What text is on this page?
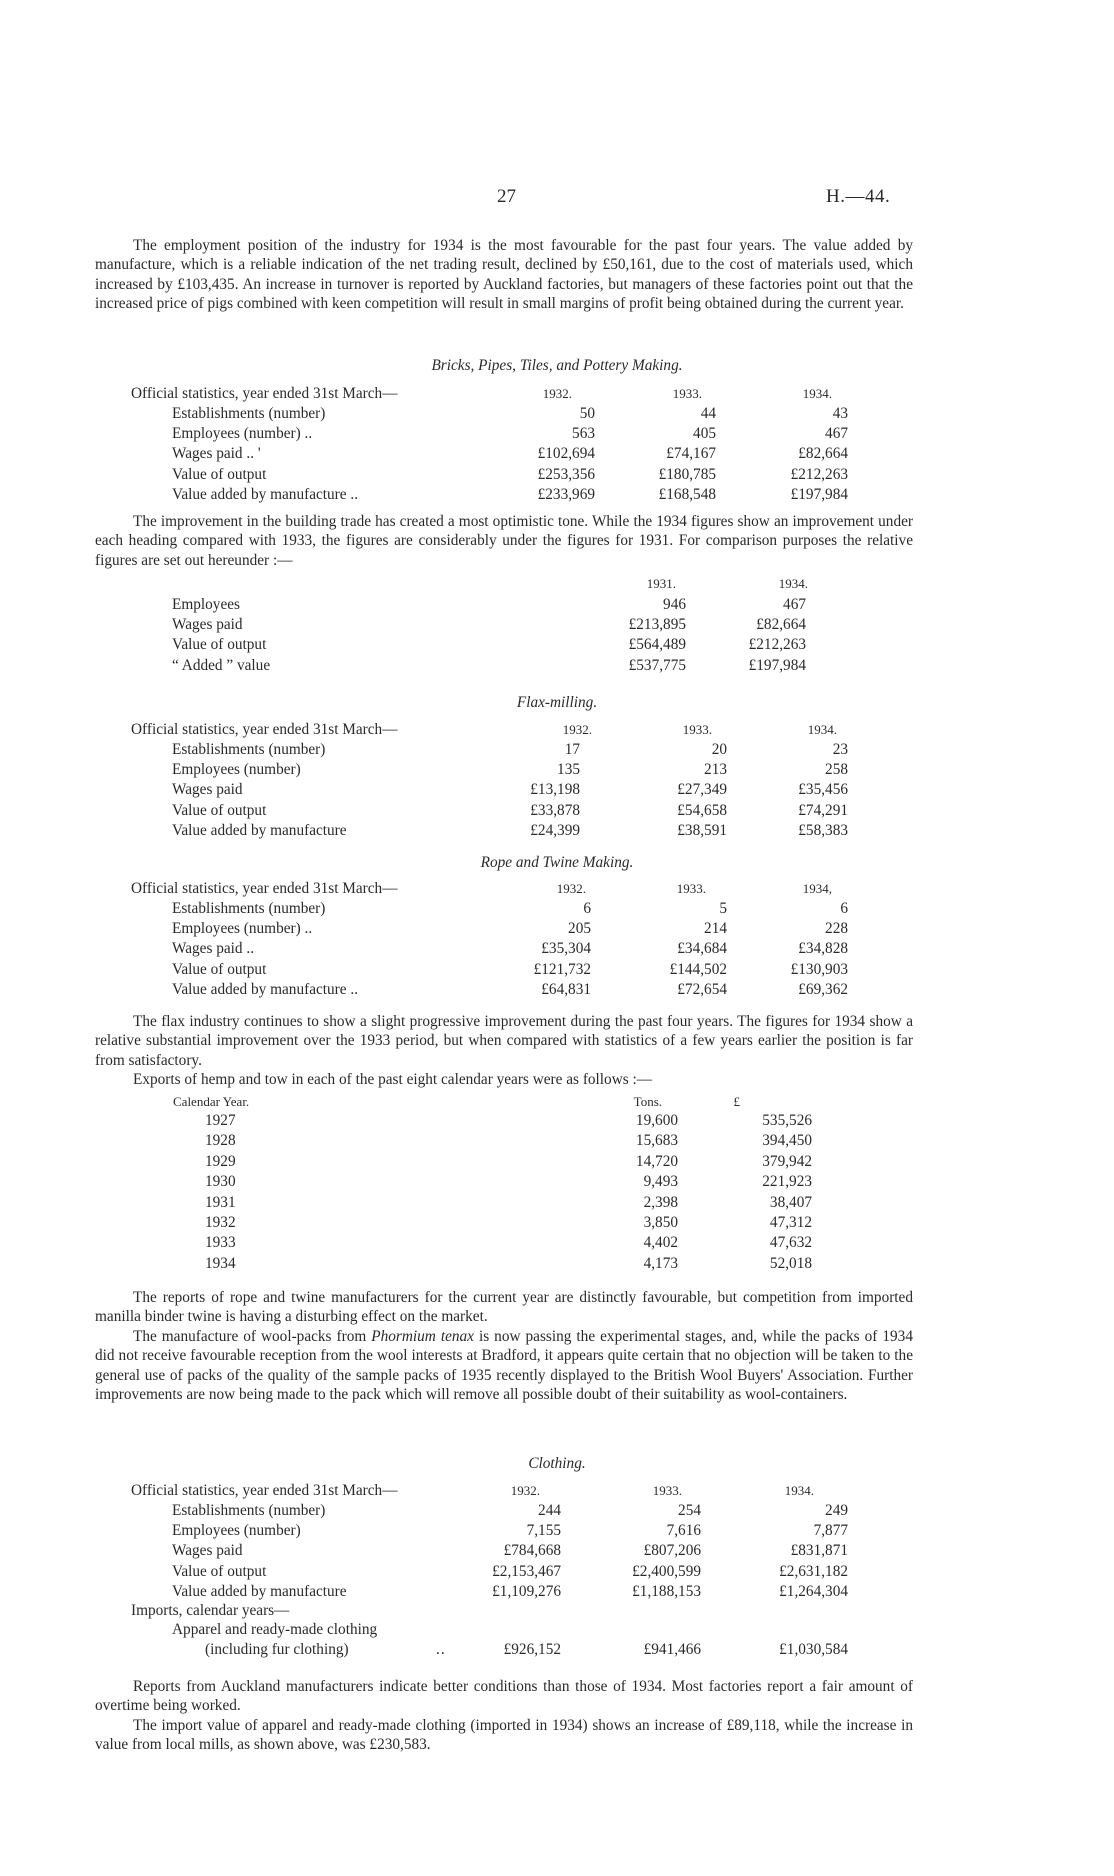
27	H.—44.

The employment position of the industry for 1934 is the most favourable for the past four years. The value added by manufacture, which is a reliable indication of the net trading result, declined by £50,161, due to the cost of materials used, which increased by £103,435. An increase in turnover is reported by Auckland factories, but managers of these factories point out that the increased price of pigs combined with keen competition will result in small margins of profit being obtained during the current year.

Bricks, Pipes, Tiles, and Pottery Making.
Official statistics, year ended 31st March—	1932.	1933.	1934.
Establishments (number)	50	44	43
Employees (number) ..	563	405	467
Wages paid .. '	£102,694	£74,167	£82,664
Value of output	£253,356	£180,785	£212,263
Value added by manufacture ..	£233,969	£168,548	£197,984

The improvement in the building trade has created a most optimistic tone. While the 1934 figures show an improvement under each heading compared with 1933, the figures are considerably under the figures for 1931. For comparison purposes the relative figures are set out hereunder :—

1931.	1934.
Employees	946	467
Wages paid	£213,895	£82,664
Value of output	£564,489	£212,263
“ Added ” value	£537,775	£197,984
Flax-milling.
Official statistics, year ended 31st March—	1932.	1933.	1934.
Establishments (number)	17	20	23
Employees (number)	135	213	258
Wages paid	£13,198	£27,349	£35,456
Value of output	£33,878	£54,658	£74,291
Value added by manufacture	£24,399	£38,591	£58,383
Rope and Twine Making.
Official statistics, year ended 31st March—	1932.	1933.	1934,
Establishments (number)	6	5	6
Employees (number) ..	205	214	228
Wages paid ..	£35,304	£34,684	£34,828
Value of output	£121,732	£144,502	£130,903
Value added by manufacture ..	£64,831	£72,654	£69,362

The flax industry continues to show a slight progressive improvement during the past four years. The figures for 1934 show a relative substantial improvement over the 1933 period, but when compared with statistics of a few years earlier the position is far from satisfactory.

Exports of hemp and tow in each of the past eight calendar years were as follows :—

Calendar Year.	Tons.	£
1927	19,600	535,526
1928	15,683	394,450
1929	14,720	379,942
1930	9,493	221,923
1931	2,398	38,407
1932	3,850	47,312
1933	4,402	47,632
1934	4,173	52,018

The reports of rope and twine manufacturers for the current year are distinctly favourable, but competition from imported manilla binder twine is having a disturbing effect on the market.

The manufacture of wool-packs from Phormium tenax is now passing the experimental stages, and, while the packs of 1934 did not receive favourable reception from the wool interests at Bradford, it appears quite certain that no objection will be taken to the general use of packs of the quality of the sample packs of 1935 recently displayed to the British Wool Buyers' Association. Further improvements are now being made to the pack which will remove all possible doubt of their suitability as wool-containers.

Clothing.
Official statistics, year ended 31st March—	1932.	1933.	1934.
Establishments (number)	244	254	249
Employees (number)	7,155	7,616	7,877
Wages paid	£784,668	£807,206	£831,871
Value of output	£2,153,467	£2,400,599	£2,631,182
Value added by manufacture	£1,109,276	£1,188,153	£1,264,304
Imports, calendar years—
Apparel and ready-made clothing
(including fur clothing)	..	£926,152	£941,466	£1,030,584

Reports from Auckland manufacturers indicate better conditions than those of 1934. Most factories report a fair amount of overtime being worked.

The import value of apparel and ready-made clothing (imported in 1934) shows an increase of £89,118, while the increase in value from local mills, as shown above, was £230,583.
